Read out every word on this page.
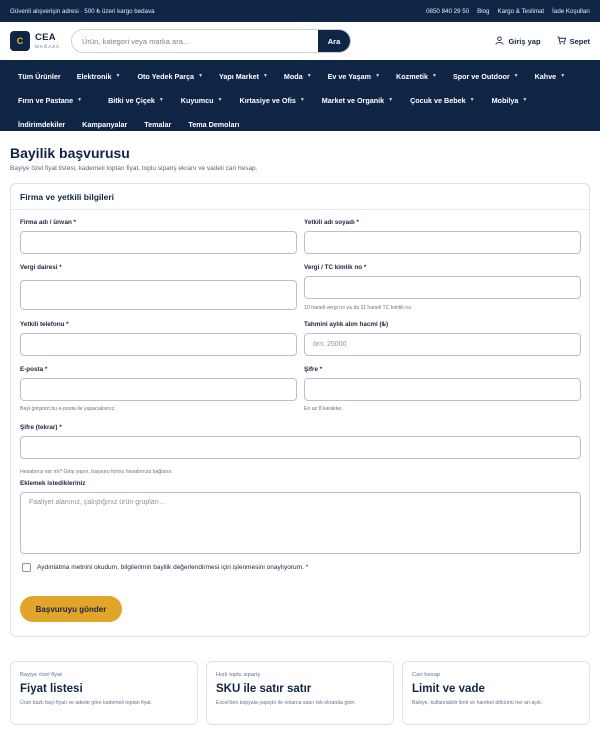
Güvenli alışverişin adresi · 500 ₺ üzeri kargo bedava	0850 840 29 50 Blog Kargo & Teslimat İade Koşulları
C	CEA
MAĞAZA
Ürün, kategori veya marka ara...
Ara	Giriş yap	Sepet
Tüm Ürünler Elektronik ▼ Oto Yedek Parça ▼ Yapı Market ▼ Moda ▼ Ev ve Yaşam ▼ Kozmetik ▼ Spor ve Outdoor ▼ Kahve ▼
Fırın ve Pastane ▼	Bitki ve Çiçek ▼ Kuyumcu ▼ Kırtasiye ve Ofis ▼ Market ve Organik ▼ Çocuk ve Bebek ▼ Mobilya ▼
İndirimdekiler Kampanyalar Temalar Tema Demoları
Bayilik başvurusu

Bayiye özel fiyat listesi, kademeli toptan fiyat, toplu sipariş ekranı ve vadeli cari hesap.

Firma ve yetkili bilgileri
Firma adı / ünvan *	Yetkili adı soyadı *
Vergi dairesi *	Vergi / TC kimlik no *
10 haneli vergi no ya da 11 haneli TC kimlik no.
Yetkili telefonu *	Tahmini aylık alım hacmi (₺)
örn. 25000
E-posta *	Şifre *
Bayi girişinizi bu e-posta ile yapacaksınız.	En az 8 karakter.
Şifre (tekrar) *
Hesabınız var mı? Giriş yapın, başvuru formu hesabınıza bağlanır.
Eklemek istedikleriniz
Faaliyet alanınız, çalıştığınız ürün grupları…
Aydınlatma metnini okudum, bilgilerimin bayilik değerlendirmesi için işlenmesini onaylıyorum. *
Başvuruyu gönder
Bayiye özel fiyat
Fiyat listesi
Ürün bazlı bayi fiyatı ve adede göre kademeli toptan fiyat.
Hızlı toplu sipariş
SKU ile satır satır
Excel'den kopyala-yapıştır ile onlarca satırı tek ekranda girin.
Cari hesap
Limit ve vade
Bakiye, kullanılabilir limit ve hareket dökümü her an açık.
